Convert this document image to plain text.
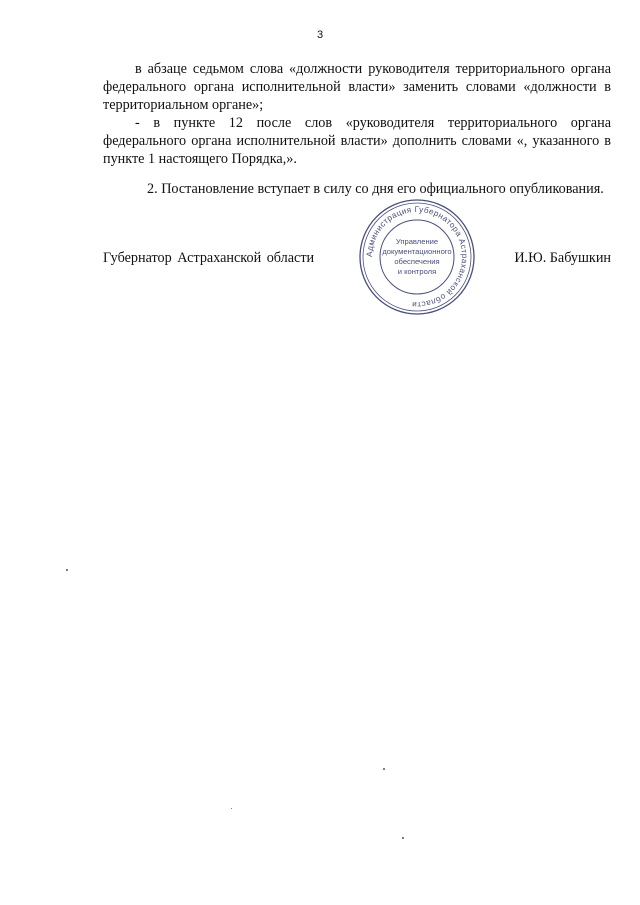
3

в абзаце седьмом слова «должности руководителя территориального органа федерального органа исполнительной власти» заменить словами «должности в территориальном органе»;

- в пункте 12 после слов «руководителя территориального органа федерального органа исполнительной власти» дополнить словами «, указанного в пункте 1 настоящего Порядка,».

2. Постановление вступает в силу со дня его официального опубликования.

Губернатор Астраханской области	И.Ю. Бабушкин
Администрация Губернатора Астраханской области
Управление
документационного
обеспечения
и контроля
